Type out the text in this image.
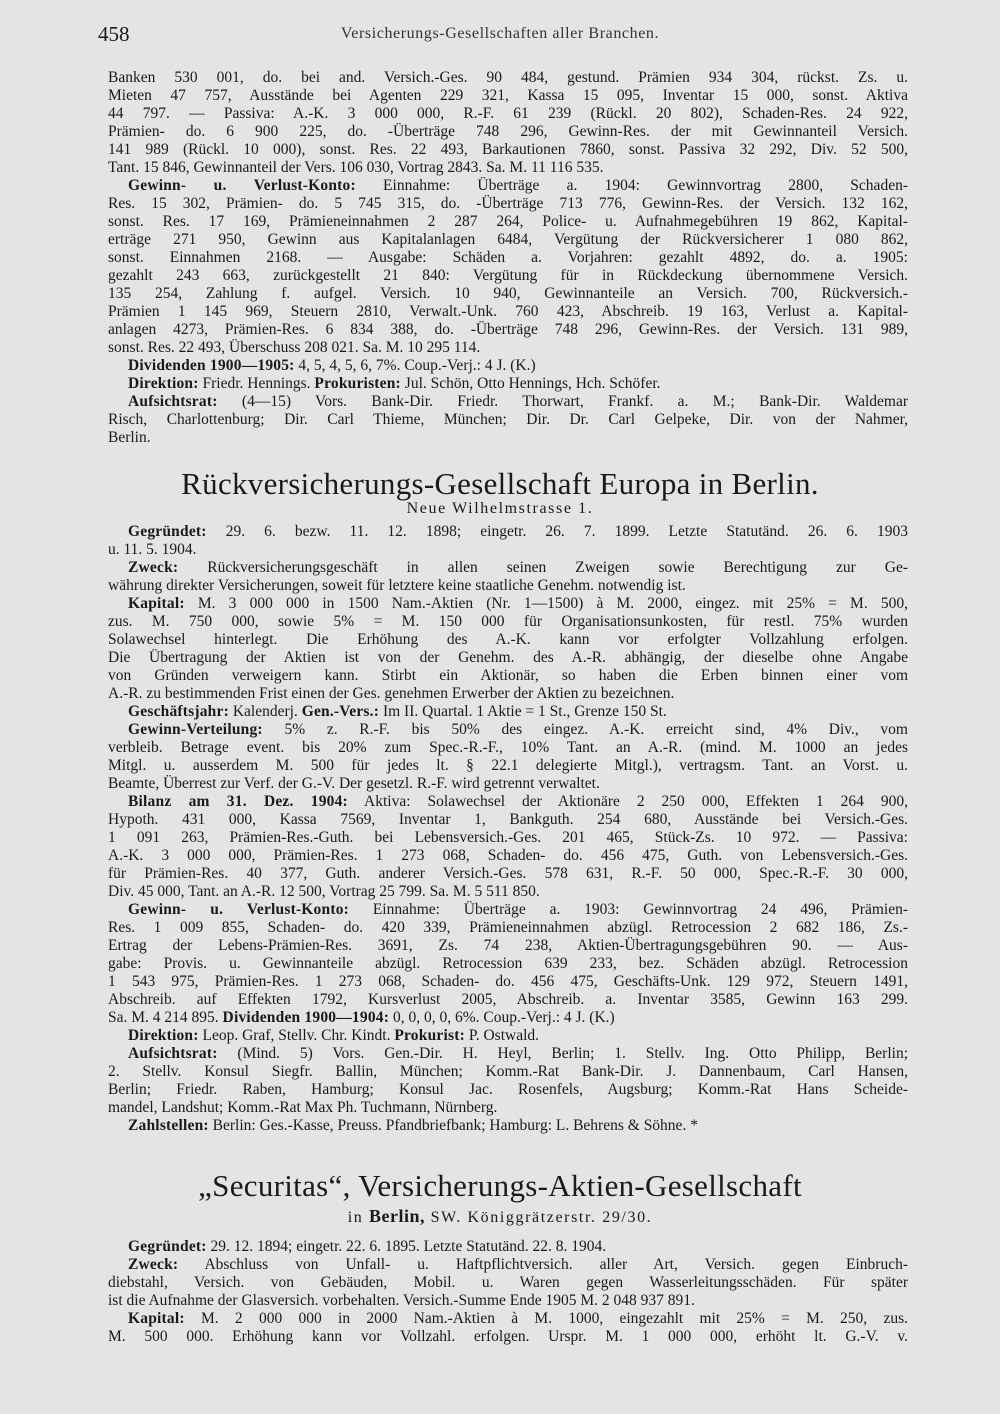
458	Versicherungs-Gesellschaften aller Branchen.
Banken 530 001, do. bei and. Versich.-Ges. 90 484, gestund. Prämien 934 304, rückst. Zs. u.
Mieten 47 757, Ausstände bei Agenten 229 321, Kassa 15 095, Inventar 15 000, sonst. Aktiva
44 797. — Passiva: A.-K. 3 000 000, R.-F. 61 239 (Rückl. 20 802), Schaden-Res. 24 922,
Prämien- do. 6 900 225, do. -Überträge 748 296, Gewinn-Res. der mit Gewinnanteil Versich.
141 989 (Rückl. 10 000), sonst. Res. 22 493, Barkautionen 7860, sonst. Passiva 32 292, Div. 52 500,
Tant. 15 846, Gewinnanteil der Vers. 106 030, Vortrag 2843. Sa. M. 11 116 535.
Gewinn- u. Verlust-Konto: Einnahme: Überträge a. 1904: Gewinnvortrag 2800, Schaden-
Res. 15 302, Prämien- do. 5 745 315, do. -Überträge 713 776, Gewinn-Res. der Versich. 132 162,
sonst. Res. 17 169, Prämieneinnahmen 2 287 264, Police- u. Aufnahmegebühren 19 862, Kapital-
erträge 271 950, Gewinn aus Kapitalanlagen 6484, Vergütung der Rückversicherer 1 080 862,
sonst. Einnahmen 2168. — Ausgabe: Schäden a. Vorjahren: gezahlt 4892, do. a. 1905:
gezahlt 243 663, zurückgestellt 21 840: Vergütung für in Rückdeckung übernommene Versich.
135 254, Zahlung f. aufgel. Versich. 10 940, Gewinnanteile an Versich. 700, Rückversich.-
Prämien 1 145 969, Steuern 2810, Verwalt.-Unk. 760 423, Abschreib. 19 163, Verlust a. Kapital-
anlagen 4273, Prämien-Res. 6 834 388, do. -Überträge 748 296, Gewinn-Res. der Versich. 131 989,
sonst. Res. 22 493, Überschuss 208 021. Sa. M. 10 295 114.
Dividenden 1900—1905: 4, 5, 4, 5, 6, 7%. Coup.-Verj.: 4 J. (K.)
Direktion: Friedr. Hennings. Prokuristen: Jul. Schön, Otto Hennings, Hch. Schöfer.
Aufsichtsrat: (4—15) Vors. Bank-Dir. Friedr. Thorwart, Frankf. a. M.; Bank-Dir. Waldemar
Risch, Charlottenburg; Dir. Carl Thieme, München; Dir. Dr. Carl Gelpeke, Dir. von der Nahmer,
Berlin.
Rückversicherungs-Gesellschaft Europa in Berlin.
Neue Wilhelmstrasse 1.
Gegründet: 29. 6. bezw. 11. 12. 1898; eingetr. 26. 7. 1899. Letzte Statutänd. 26. 6. 1903
u. 11. 5. 1904.
Zweck: Rückversicherungsgeschäft in allen seinen Zweigen sowie Berechtigung zur Ge-
währung direkter Versicherungen, soweit für letztere keine staatliche Genehm. notwendig ist.
Kapital: M. 3 000 000 in 1500 Nam.-Aktien (Nr. 1—1500) à M. 2000, eingez. mit 25% = M. 500,
zus. M. 750 000, sowie 5% = M. 150 000 für Organisationsunkosten, für restl. 75% wurden
Solawechsel hinterlegt. Die Erhöhung des A.-K. kann vor erfolgter Vollzahlung erfolgen.
Die Übertragung der Aktien ist von der Genehm. des A.-R. abhängig, der dieselbe ohne Angabe
von Gründen verweigern kann. Stirbt ein Aktionär, so haben die Erben binnen einer vom
A.-R. zu bestimmenden Frist einen der Ges. genehmen Erwerber der Aktien zu bezeichnen.
Geschäftsjahr: Kalenderj. Gen.-Vers.: Im II. Quartal. 1 Aktie = 1 St., Grenze 150 St.
Gewinn-Verteilung: 5% z. R.-F. bis 50% des eingez. A.-K. erreicht sind, 4% Div., vom
verbleib. Betrage event. bis 20% zum Spec.-R.-F., 10% Tant. an A.-R. (mind. M. 1000 an jedes
Mitgl. u. ausserdem M. 500 für jedes lt. § 22.1 delegierte Mitgl.), vertragsm. Tant. an Vorst. u.
Beamte, Überrest zur Verf. der G.-V. Der gesetzl. R.-F. wird getrennt verwaltet.
Bilanz am 31. Dez. 1904: Aktiva: Solawechsel der Aktionäre 2 250 000, Effekten 1 264 900,
Hypoth. 431 000, Kassa 7569, Inventar 1, Bankguth. 254 680, Ausstände bei Versich.-Ges.
1 091 263, Prämien-Res.-Guth. bei Lebensversich.-Ges. 201 465, Stück-Zs. 10 972. — Passiva:
A.-K. 3 000 000, Prämien-Res. 1 273 068, Schaden- do. 456 475, Guth. von Lebensversich.-Ges.
für Prämien-Res. 40 377, Guth. anderer Versich.-Ges. 578 631, R.-F. 50 000, Spec.-R.-F. 30 000,
Div. 45 000, Tant. an A.-R. 12 500, Vortrag 25 799. Sa. M. 5 511 850.
Gewinn- u. Verlust-Konto: Einnahme: Überträge a. 1903: Gewinnvortrag 24 496, Prämien-
Res. 1 009 855, Schaden- do. 420 339, Prämieneinnahmen abzügl. Retrocession 2 682 186, Zs.-
Ertrag der Lebens-Prämien-Res. 3691, Zs. 74 238, Aktien-Übertragungsgebühren 90. — Aus-
gabe: Provis. u. Gewinnanteile abzügl. Retrocession 639 233, bez. Schäden abzügl. Retrocession
1 543 975, Prämien-Res. 1 273 068, Schaden- do. 456 475, Geschäfts-Unk. 129 972, Steuern 1491,
Abschreib. auf Effekten 1792, Kursverlust 2005, Abschreib. a. Inventar 3585, Gewinn 163 299.
Sa. M. 4 214 895. Dividenden 1900—1904: 0, 0, 0, 0, 6%. Coup.-Verj.: 4 J. (K.)
Direktion: Leop. Graf, Stellv. Chr. Kindt. Prokurist: P. Ostwald.
Aufsichtsrat: (Mind. 5) Vors. Gen.-Dir. H. Heyl, Berlin; 1. Stellv. Ing. Otto Philipp, Berlin;
2. Stellv. Konsul Siegfr. Ballin, München; Komm.-Rat Bank-Dir. J. Dannenbaum, Carl Hansen,
Berlin; Friedr. Raben, Hamburg; Konsul Jac. Rosenfels, Augsburg; Komm.-Rat Hans Scheide-
mandel, Landshut; Komm.-Rat Max Ph. Tuchmann, Nürnberg.
Zahlstellen: Berlin: Ges.-Kasse, Preuss. Pfandbriefbank; Hamburg: L. Behrens & Söhne. *
„Securitas“, Versicherungs-Aktien-Gesellschaft
in Berlin, SW. Königgrätzerstr. 29/30.
Gegründet: 29. 12. 1894; eingetr. 22. 6. 1895. Letzte Statutänd. 22. 8. 1904.
Zweck: Abschluss von Unfall- u. Haftpflichtversich. aller Art, Versich. gegen Einbruch-
diebstahl, Versich. von Gebäuden, Mobil. u. Waren gegen Wasserleitungsschäden. Für später
ist die Aufnahme der Glasversich. vorbehalten. Versich.-Summe Ende 1905 M. 2 048 937 891.
Kapital: M. 2 000 000 in 2000 Nam.-Aktien à M. 1000, eingezahlt mit 25% = M. 250, zus.
M. 500 000. Erhöhung kann vor Vollzahl. erfolgen. Urspr. M. 1 000 000, erhöht lt. G.-V. v.
